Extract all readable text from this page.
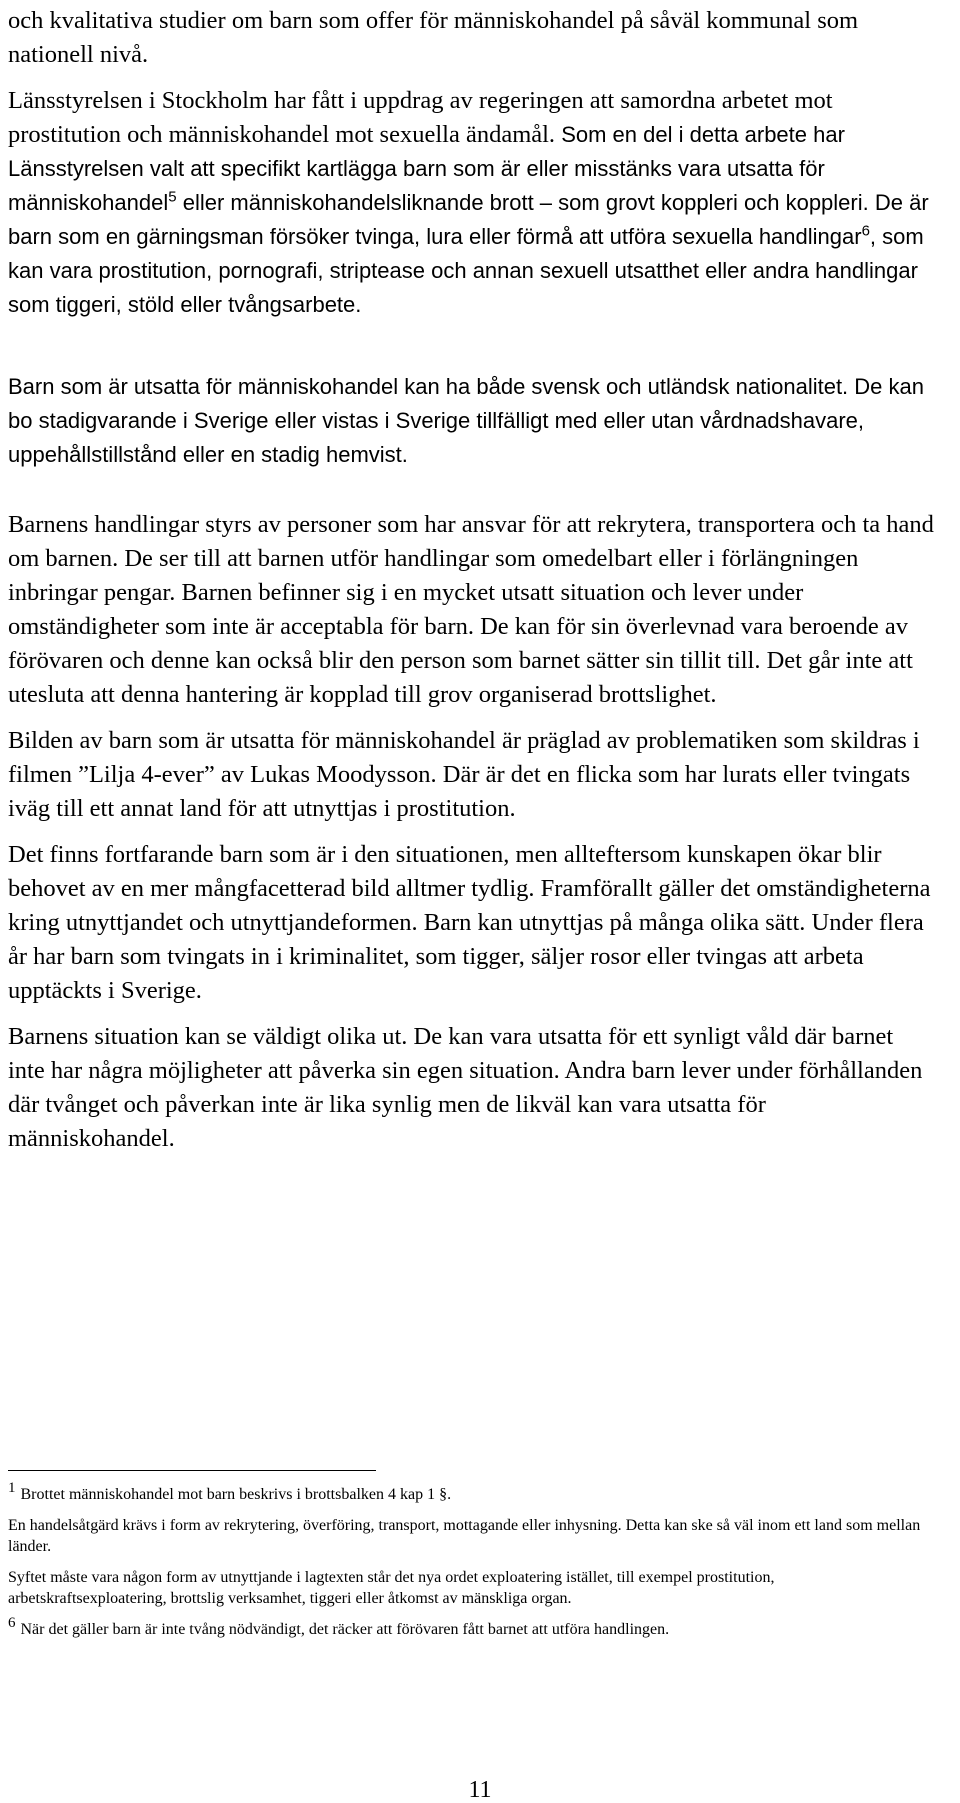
och kvalitativa studier om barn som offer för människohandel på såväl kommunal som nationell nivå.

Länsstyrelsen i Stockholm har fått i uppdrag av regeringen att samordna arbetet mot prostitution och människohandel mot sexuella ändamål. Som en del i detta arbete har Länsstyrelsen valt att specifikt kartlägga barn som är eller misstänks vara utsatta för människohandel$^5$ eller människohandelsliknande brott – som grovt koppleri och koppleri. De är barn som en gärningsman försöker tvinga, lura eller förmå att utföra sexuella handlingar$^6$, som kan vara prostitution, pornografi, striptease och annan sexuell utsatthet eller andra handlingar som tiggeri, stöld eller tvångsarbete.

Barn som är utsatta för människohandel kan ha både svensk och utländsk nationalitet. De kan bo stadigvarande i Sverige eller vistas i Sverige tillfälligt med eller utan vårdnadshavare, uppehållstillstånd eller en stadig hemvist.

Barnens handlingar styrs av personer som har ansvar för att rekrytera, transportera och ta hand om barnen. De ser till att barnen utför handlingar som omedelbart eller i förlängningen inbringar pengar. Barnen befinner sig i en mycket utsatt situation och lever under omständigheter som inte är acceptabla för barn. De kan för sin överlevnad vara beroende av förövaren och denne kan också blir den person som barnet sätter sin tillit till. Det går inte att utesluta att denna hantering är kopplad till grov organiserad brottslighet.

Bilden av barn som är utsatta för människohandel är präglad av problematiken som skildras i filmen ”Lilja 4-ever” av Lukas Moodysson. Där är det en flicka som har lurats eller tvingats iväg till ett annat land för att utnyttjas i prostitution.

Det finns fortfarande barn som är i den situationen, men allteftersom kunskapen ökar blir behovet av en mer mångfacetterad bild alltmer tydlig. Framförallt gäller det omständigheterna kring utnyttjandet och utnyttjandeformen. Barn kan utnyttjas på många olika sätt. Under flera år har barn som tvingats in i kriminalitet, som tigger, säljer rosor eller tvingas att arbeta upptäckts i Sverige.

Barnens situation kan se väldigt olika ut. De kan vara utsatta för ett synligt våld där barnet inte har några möjligheter att påverka sin egen situation. Andra barn lever under förhållanden där tvånget och påverkan inte är lika synlig men de likväl kan vara utsatta för människohandel.

$^1$ Brottet människohandel mot barn beskrivs i brottsbalken 4 kap 1 §.

En handelsåtgärd krävs i form av rekrytering, överföring, transport, mottagande eller inhysning. Detta kan ske så väl inom ett land som mellan länder.

Syftet måste vara någon form av utnyttjande i lagtexten står det nya ordet exploatering istället, till exempel prostitution, arbetskraftsexploatering, brottslig verksamhet, tiggeri eller åtkomst av mänskliga organ.

$^6$ När det gäller barn är inte tvång nödvändigt, det räcker att förövaren fått barnet att utföra handlingen.

11
